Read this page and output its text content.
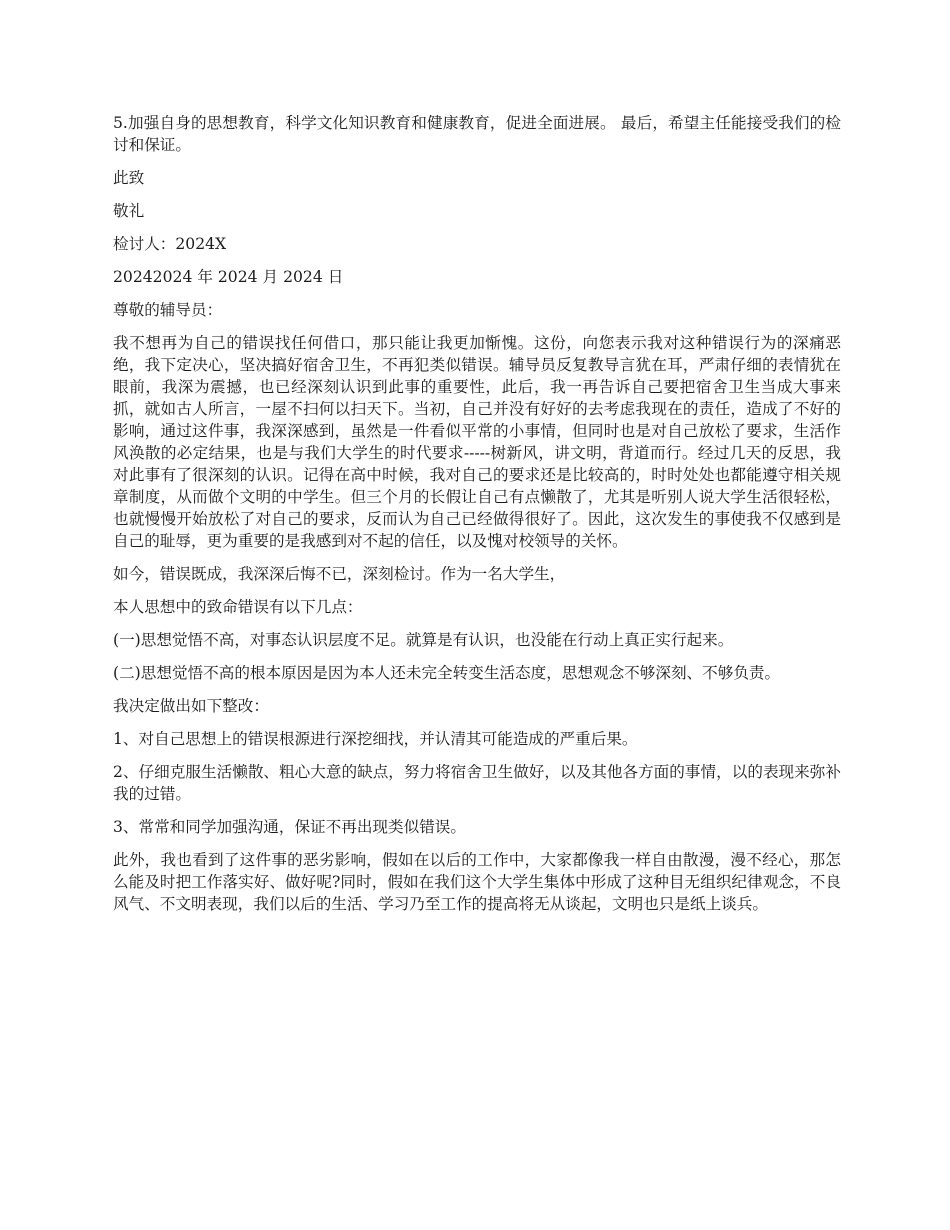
5.加强自身的思想教育，科学文化知识教育和健康教育，促进全面进展。 最后，希望主任能接受我们的检讨和保证。

此致

敬礼

检讨人：2024X

20242024 年 2024 月 2024 日

尊敬的辅导员：

我不想再为自己的错误找任何借口，那只能让我更加惭愧。这份，向您表示我对这种错误行为的深痛恶绝，我下定决心，坚决搞好宿舍卫生，不再犯类似错误。辅导员反复教导言犹在耳，严肃仔细的表情犹在眼前，我深为震撼，也已经深刻认识到此事的重要性，此后，我一再告诉自己要把宿舍卫生当成大事来抓，就如古人所言，一屋不扫何以扫天下。当初，自己并没有好好的去考虑我现在的责任，造成了不好的影响，通过这件事，我深深感到，虽然是一件看似平常的小事情，但同时也是对自己放松了要求，生活作风涣散的必定结果，也是与我们大学生的时代要求-----树新风，讲文明，背道而行。经过几天的反思，我对此事有了很深刻的认识。记得在高中时候，我对自己的要求还是比较高的，时时处处也都能遵守相关规章制度，从而做个文明的中学生。但三个月的长假让自己有点懒散了，尤其是听别人说大学生活很轻松，也就慢慢开始放松了对自己的要求，反而认为自己已经做得很好了。因此，这次发生的事使我不仅感到是自己的耻辱，更为重要的是我感到对不起的信任，以及愧对校领导的关怀。

如今，错误既成，我深深后悔不已，深刻检讨。作为一名大学生，

本人思想中的致命错误有以下几点：

(一)思想觉悟不高，对事态认识层度不足。就算是有认识，也没能在行动上真正实行起来。

(二)思想觉悟不高的根本原因是因为本人还未完全转变生活态度，思想观念不够深刻、不够负责。

我决定做出如下整改：

1、对自己思想上的错误根源进行深挖细找，并认清其可能造成的严重后果。

2、仔细克服生活懒散、粗心大意的缺点，努力将宿舍卫生做好，以及其他各方面的事情，以的表现来弥补我的过错。

3、常常和同学加强沟通，保证不再出现类似错误。

此外，我也看到了这件事的恶劣影响，假如在以后的工作中，大家都像我一样自由散漫，漫不经心，那怎么能及时把工作落实好、做好呢?同时，假如在我们这个大学生集体中形成了这种目无组织纪律观念，不良风气、不文明表现，我们以后的生活、学习乃至工作的提高将无从谈起，文明也只是纸上谈兵。
